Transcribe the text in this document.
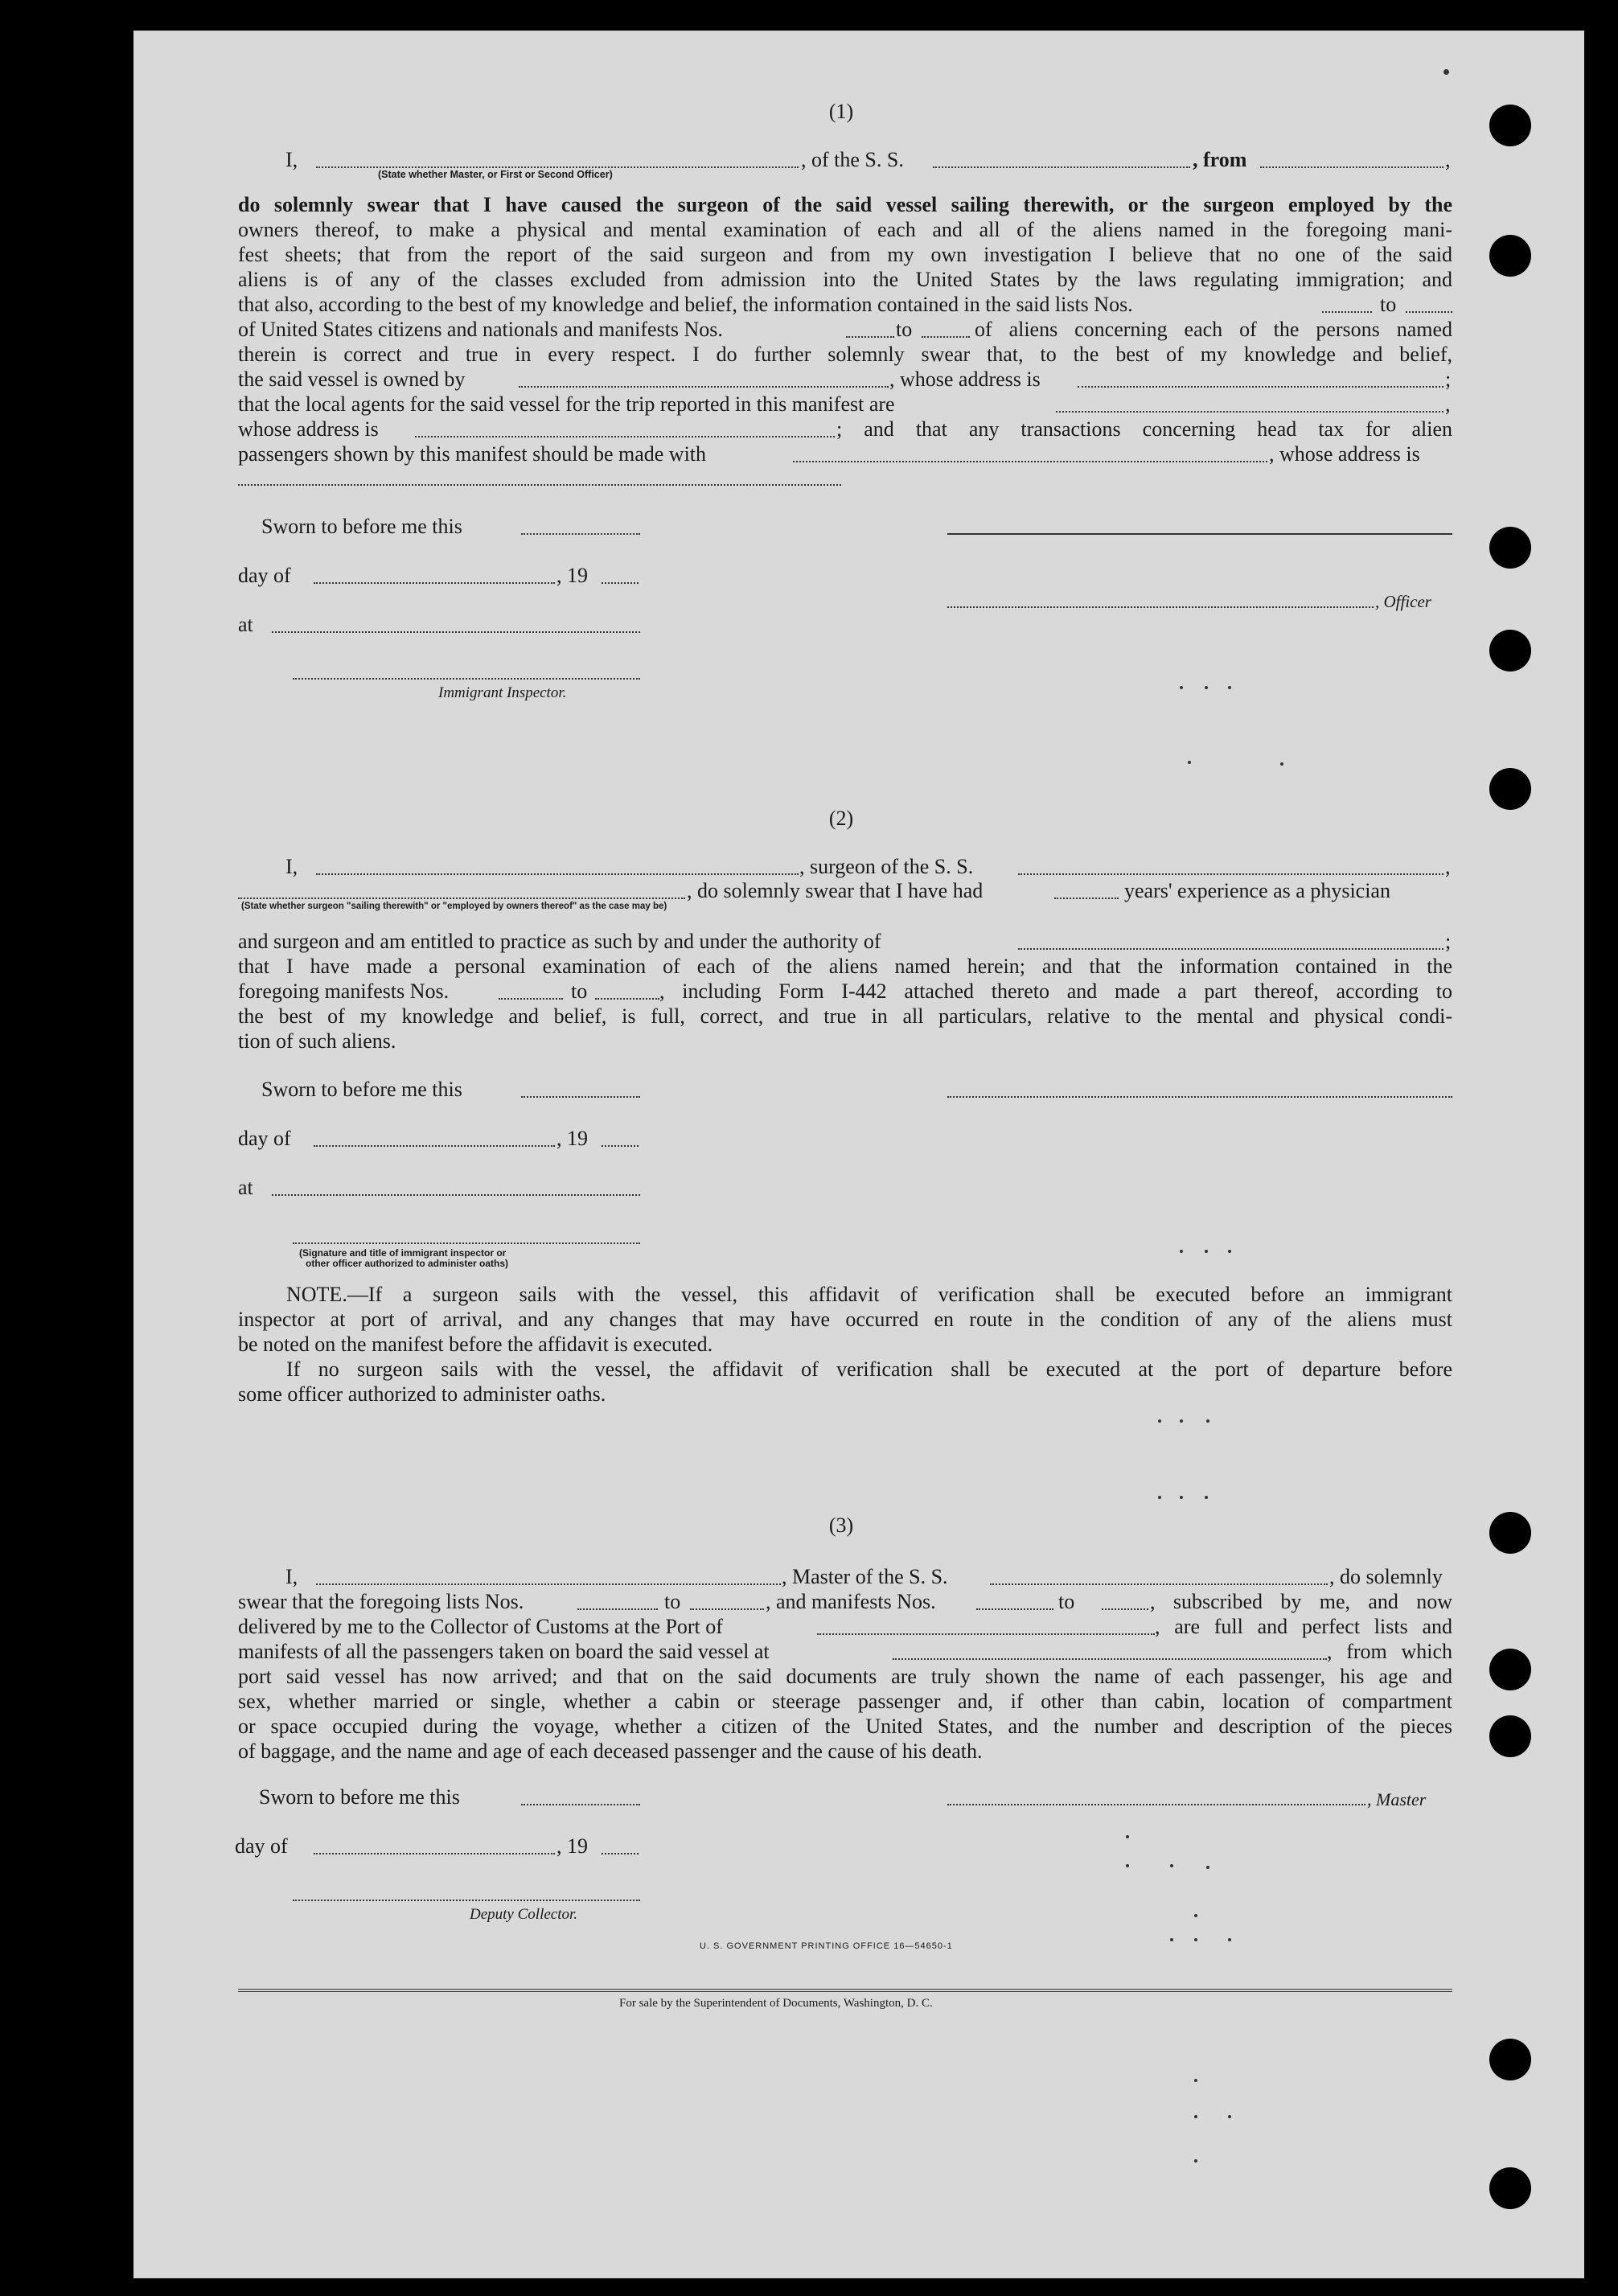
(1)
I,	, of the S. S.	, from	,
(State whether Master, or First or Second Officer)
do solemnly swear that I have caused the surgeon of the said vessel sailing therewith, or the surgeon employed by the
owners thereof, to make a physical and mental examination of each and all of the aliens named in the foregoing mani-
fest sheets; that from the report of the said surgeon and from my own investigation I believe that no one of the said
aliens is of any of the classes excluded from admission into the United States by the laws regulating immigration; and
that also, according to the best of my knowledge and belief, the information contained in the said lists Nos.	to
of United States citizens and nationals and manifests Nos.	to	of aliens concerning each of the persons named
therein is correct and true in every respect. I do further solemnly swear that, to the best of my knowledge and belief,
the said vessel is owned by	, whose address is	;
that the local agents for the said vessel for the trip reported in this manifest are	,
whose address is	; and that any transactions concerning head tax for alien
passengers shown by this manifest should be made with	, whose address is
Sworn to before me this
day of	, 19
, Officer
at
Immigrant Inspector.
(2)
I,	, surgeon of the S. S.	,
, do solemnly swear that I have had	years' experience as a physician
(State whether surgeon "sailing therewith" or "employed by owners thereof" as the case may be)
and surgeon and am entitled to practice as such by and under the authority of	;
that I have made a personal examination of each of the aliens named herein; and that the information contained in the
foregoing manifests Nos.	to	, including Form I-442 attached thereto and made a part thereof, according to
the best of my knowledge and belief, is full, correct, and true in all particulars, relative to the mental and physical condi-
tion of such aliens.
Sworn to before me this
day of	, 19
at
(Signature and title of immigrant inspector or
other officer authorized to administer oaths)
NOTE.—If a surgeon sails with the vessel, this affidavit of verification shall be executed before an immigrant
inspector at port of arrival, and any changes that may have occurred en route in the condition of any of the aliens must
be noted on the manifest before the affidavit is executed.
If no surgeon sails with the vessel, the affidavit of verification shall be executed at the port of departure before
some officer authorized to administer oaths.
(3)
I,	, Master of the S. S.	, do solemnly
swear that the foregoing lists Nos.	to	, and manifests Nos.	to	, subscribed by me, and now
delivered by me to the Collector of Customs at the Port of	, are full and perfect lists and
manifests of all the passengers taken on board the said vessel at	, from which
port said vessel has now arrived; and that on the said documents are truly shown the name of each passenger, his age and
sex, whether married or single, whether a cabin or steerage passenger and, if other than cabin, location of compartment
or space occupied during the voyage, whether a citizen of the United States, and the number and description of the pieces
of baggage, and the name and age of each deceased passenger and the cause of his death.
Sworn to before me this	, Master
day of	, 19
Deputy Collector.
U. S. GOVERNMENT PRINTING OFFICE 16—54650-1
For sale by the Superintendent of Documents, Washington, D. C.
